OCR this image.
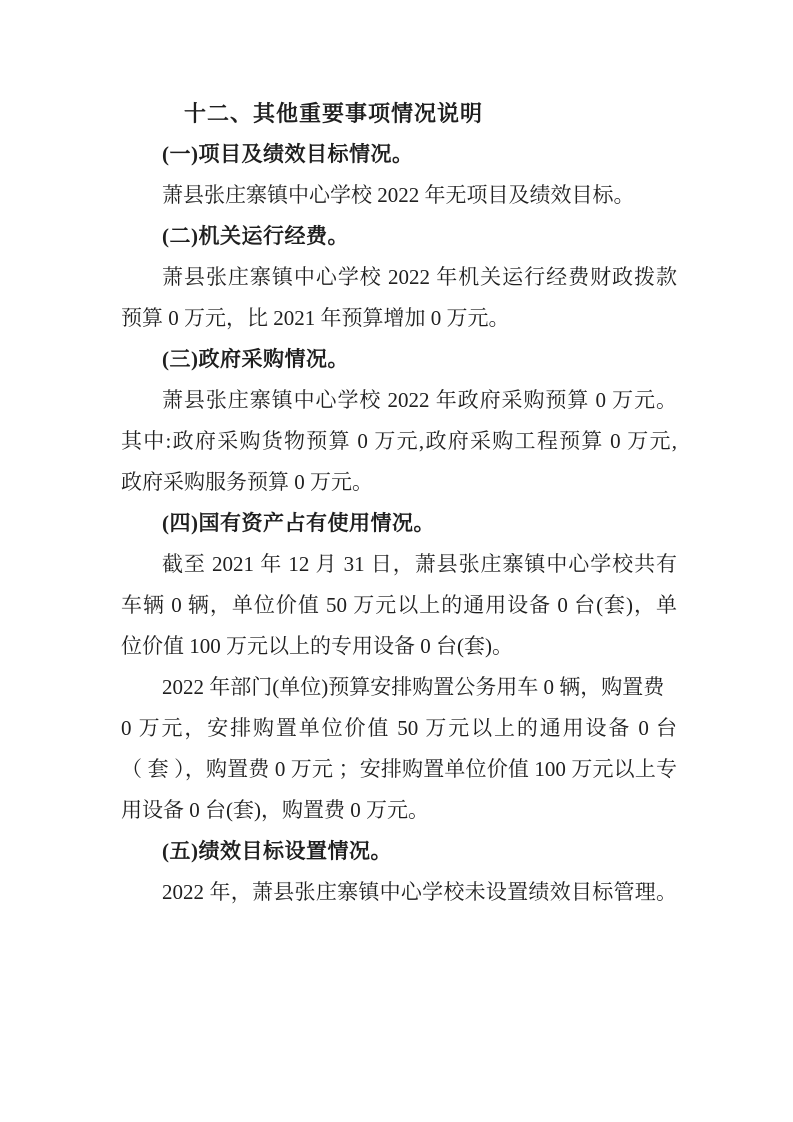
十二、其他重要事项情况说明
(一)项目及绩效目标情况。
萧县张庄寨镇中心学校 2022 年无项目及绩效目标。
(二)机关运行经费。
萧县张庄寨镇中心学校 2022 年机关运行经费财政拨款
预算 0 万元，比 2021 年预算增加 0 万元。
(三)政府采购情况。
萧县张庄寨镇中心学校 2022 年政府采购预算 0 万元。
其中:政府采购货物预算 0 万元,政府采购工程预算 0 万元,
政府采购服务预算 0 万元。
(四)国有资产占有使用情况。
截至 2021 年 12 月 31 日，萧县张庄寨镇中心学校共有
车辆 0 辆，单位价值 50 万元以上的通用设备 0 台(套)，单
位价值 100 万元以上的专用设备 0 台(套)。
2022 年部门(单位)预算安排购置公务用车 0 辆，购置费
0 万元，安排购置单位价值 50 万元以上的通用设备 0 台
（ 套 ），购置费 0 万元 ；安排购置单位价值 100 万元以上专
用设备 0 台(套)，购置费 0 万元。
(五)绩效目标设置情况。
2022 年，萧县张庄寨镇中心学校未设置绩效目标管理。
